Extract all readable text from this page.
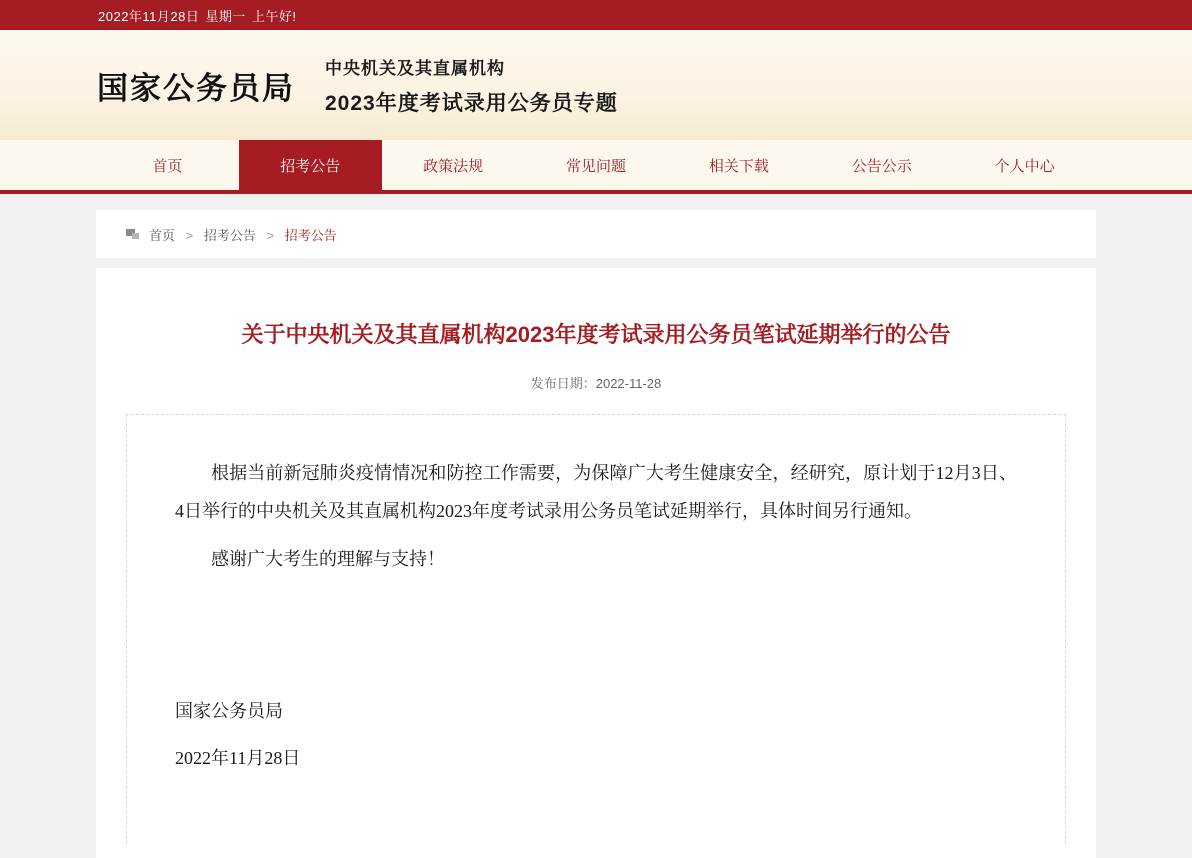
2022年11月28日 星期一 上午好!
国家公务员局
中央机关及其直属机构
2023年度考试录用公务员专题
首页	招考公告	政策法规	常见问题	相关下载	公告公示	个人中心
首页 > 招考公告 > 招考公告
关于中央机关及其直属机构2023年度考试录用公务员笔试延期举行的公告
发布日期：2022-11-28

根据当前新冠肺炎疫情情况和防控工作需要，为保障广大考生健康安全，经研究，原计划于12月3日、4日举行的中央机关及其直属机构2023年度考试录用公务员笔试延期举行，具体时间另行通知。

感谢广大考生的理解与支持！

国家公务员局

2022年11月28日
